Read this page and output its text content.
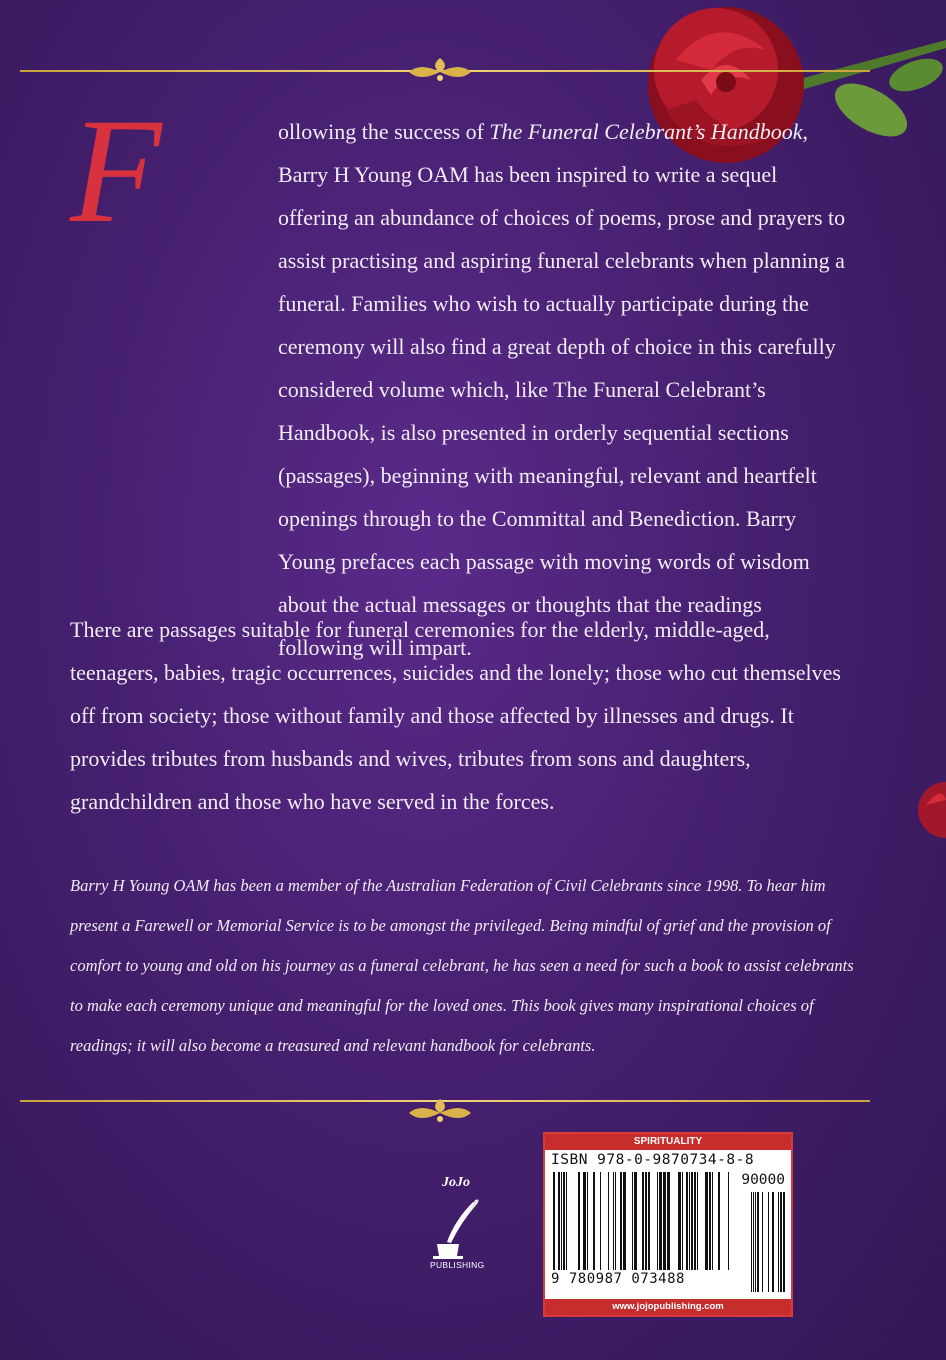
F	ollowing the success of The Funeral Celebrant’s Handbook, Barry H Young OAM has been inspired to write a sequel offering an abundance of choices of poems, prose and prayers to assist practising and aspiring funeral celebrants when planning a funeral. Families who wish to actually participate during the ceremony will also find a great depth of choice in this carefully considered volume which, like The Funeral Celebrant’s Handbook, is also presented in orderly sequential sections (passages), beginning with meaningful, relevant and heartfelt openings through to the Committal and Benediction. Barry Young prefaces each passage with moving words of wisdom about the actual messages or thoughts that the readings following will impart.
There are passages suitable for funeral ceremonies for the elderly, middle-aged, teenagers, babies, tragic occurrences, suicides and the lonely; those who cut themselves off from society; those without family and those affected by illnesses and drugs. It provides tributes from husbands and wives, tributes from sons and daughters, grandchildren and those who have served in the forces.
Barry H Young OAM has been a member of the Australian Federation of Civil Celebrants since 1998. To hear him present a Farewell or Memorial Service is to be amongst the privileged. Being mindful of grief and the provision of comfort to young and old on his journey as a funeral celebrant, he has seen a need for such a book to assist celebrants to make each ceremony unique and meaningful for the loved ones. This book gives many inspirational choices of readings; it will also become a treasured and relevant handbook for celebrants.
JoJo
PUBLISHING
SPIRITUALITY
ISBN 978-0-9870734-8-8
90000
9 780987 073488
www.jojopublishing.com
